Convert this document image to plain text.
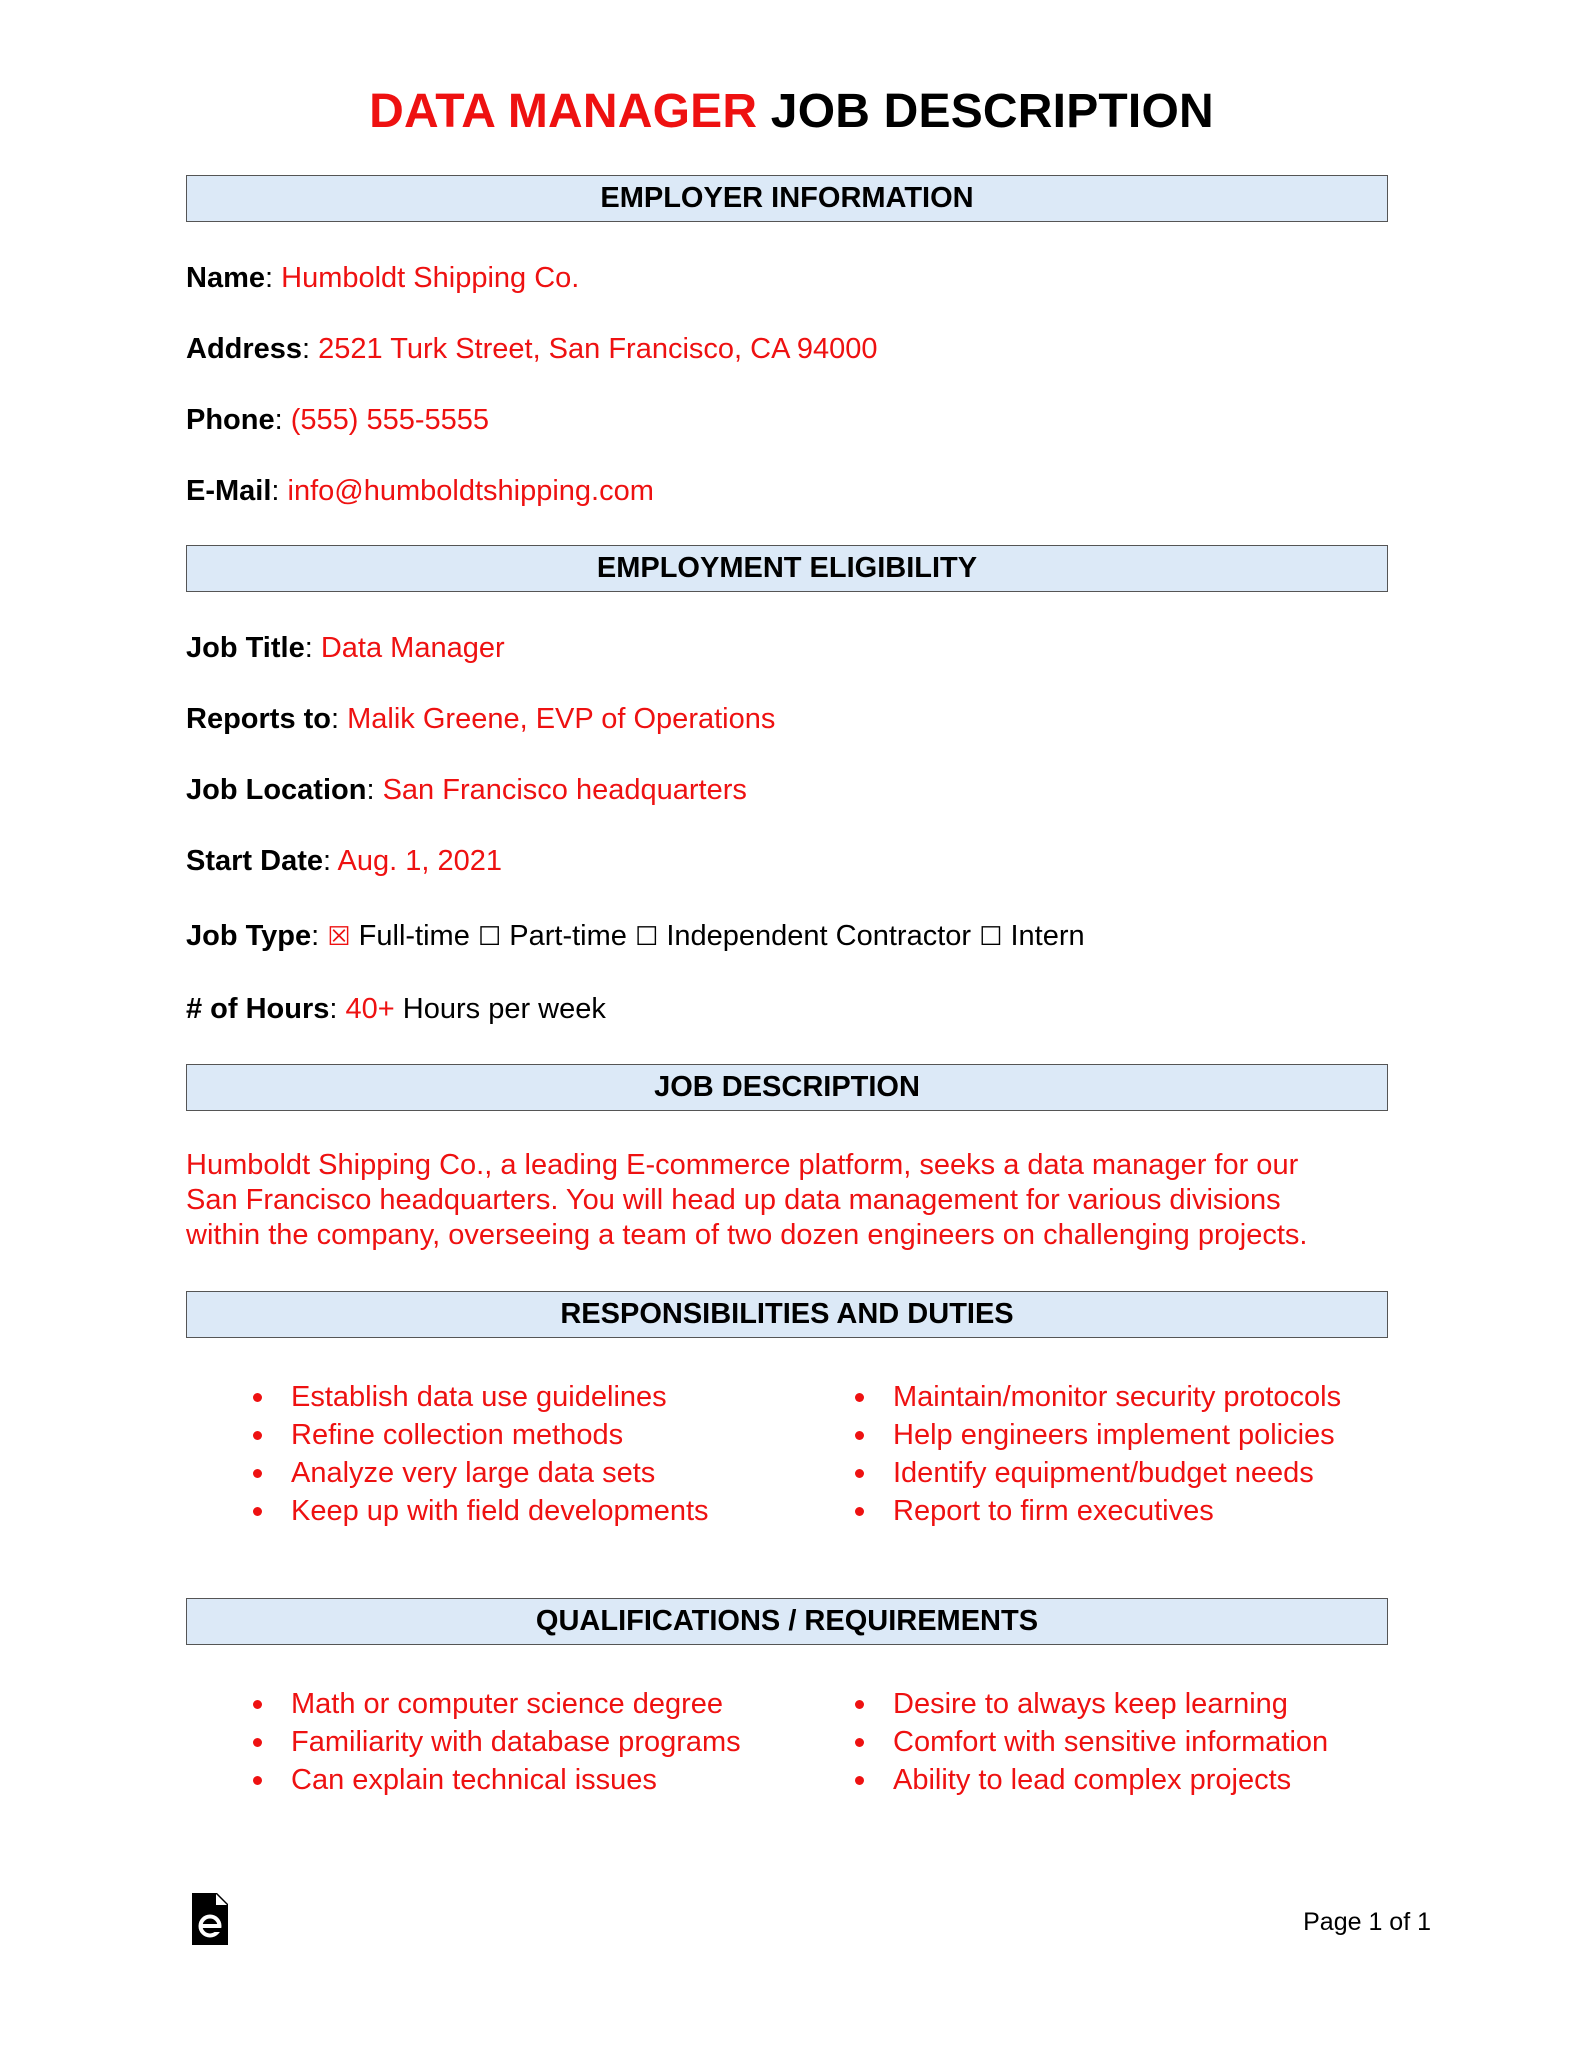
DATA MANAGER JOB DESCRIPTION
EMPLOYER INFORMATION
Name: Humboldt Shipping Co.
Address: 2521 Turk Street, San Francisco, CA 94000
Phone: (555) 555-5555
E-Mail: info@humboldtshipping.com
EMPLOYMENT ELIGIBILITY
Job Title: Data Manager
Reports to: Malik Greene, EVP of Operations
Job Location: San Francisco headquarters
Start Date: Aug. 1, 2021
Job Type: ☒ Full-time ☐ Part-time ☐ Independent Contractor ☐ Intern
# of Hours: 40+ Hours per week
JOB DESCRIPTION
Humboldt Shipping Co., a leading E-commerce platform, seeks a data manager for our
San Francisco headquarters. You will head up data management for various divisions
within the company, overseeing a team of two dozen engineers on challenging projects.
RESPONSIBILITIES AND DUTIES
Establish data use guidelines
Refine collection methods
Analyze very large data sets
Keep up with field developments
Maintain/monitor security protocols
Help engineers implement policies
Identify equipment/budget needs
Report to firm executives
QUALIFICATIONS / REQUIREMENTS
Math or computer science degree
Familiarity with database programs
Can explain technical issues
Desire to always keep learning
Comfort with sensitive information
Ability to lead complex projects
Page 1 of 1
